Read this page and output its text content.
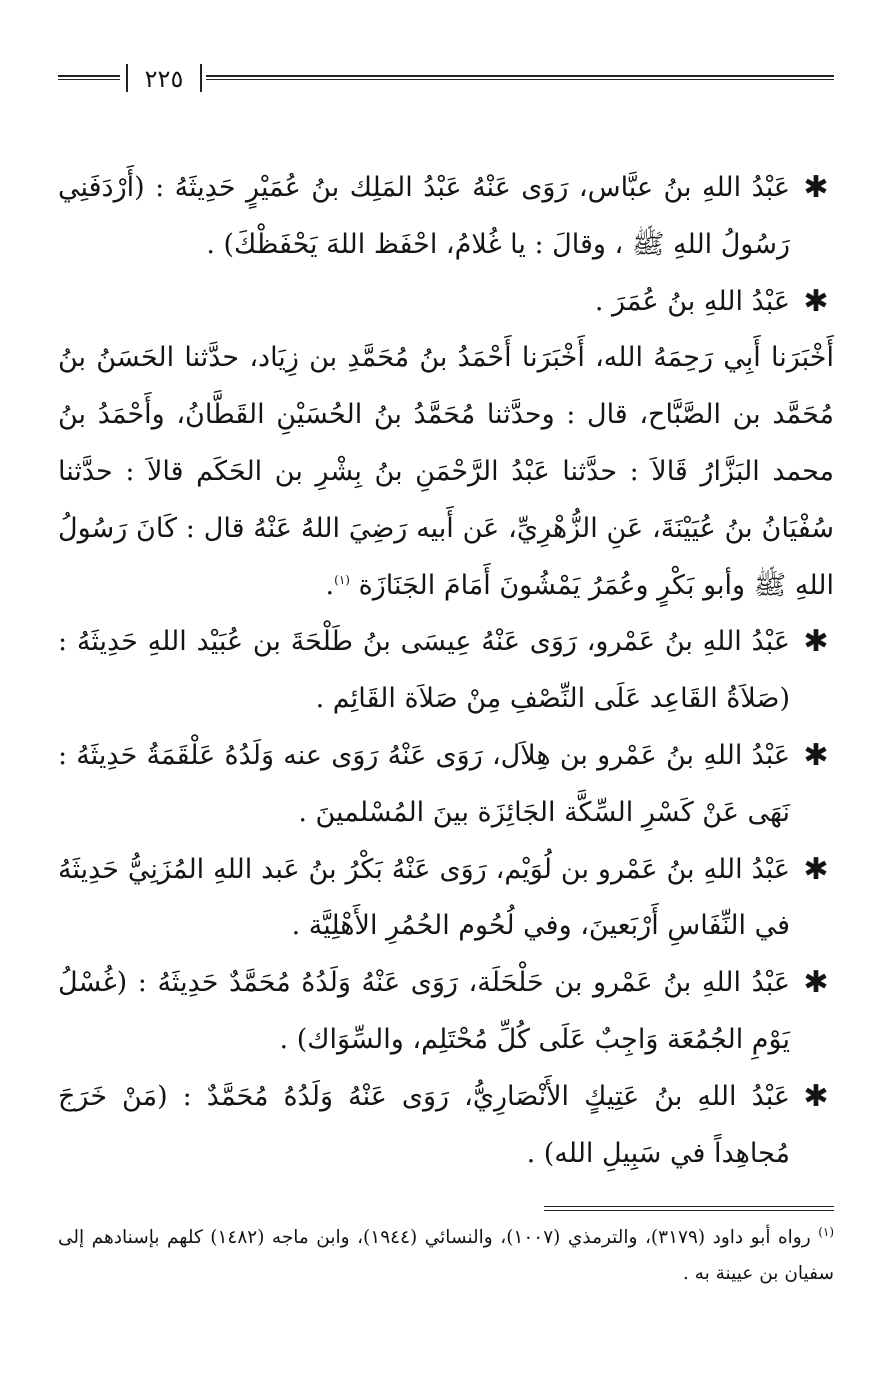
٢٢٥

✱
عَبْدُ اللهِ بنُ عبَّاس، رَوَى عَنْهُ عَبْدُ المَلِك بنُ عُمَيْرٍ حَدِيثَهُ : (أَرْدَفَنِي رَسُولُ اللهِ ﷺ ، وقالَ : يا غُلامُ، احْفَظ اللهَ يَحْفَظْكَ) .

✱
عَبْدُ اللهِ بنُ عُمَرَ .

أَخْبَرَنا أَبِي رَحِمَهُ الله، أَخْبَرَنا أَحْمَدُ بنُ مُحَمَّدِ بن زِيَاد، حدَّثنا الحَسَنُ بنُ مُحَمَّد بن الصَّبَّاح، قال : وحدَّثنا مُحَمَّدُ بنُ الحُسَيْنِ القَطَّانُ، وأَحْمَدُ بنُ محمد البَزَّارُ قَالاَ : حدَّثنا عَبْدُ الرَّحْمَنِ بنُ بِشْرِ بن الحَكَم قالاَ : حدَّثنا سُفْيَانُ بنُ عُيَيْنَةَ، عَنِ الزُّهْرِيِّ، عَن أَبيه رَضِيَ اللهُ عَنْهُ قال : كَانَ رَسُولُ اللهِ ﷺ وأبو بَكْرٍ وعُمَرُ يَمْشُونَ أَمَامَ الجَنَازَة $^{(١)}$.

✱
عَبْدُ اللهِ بنُ عَمْرو، رَوَى عَنْهُ عِيسَى بنُ طَلْحَةَ بن عُبَيْد اللهِ حَدِيثَهُ : (صَلاَةُ القَاعِد عَلَى النِّصْفِ مِنْ صَلاَة القَائِم .

✱
عَبْدُ اللهِ بنُ عَمْرو بن هِلاَل، رَوَى عَنْهُ رَوَى عنه وَلَدُهُ عَلْقَمَةُ حَدِيثَهُ : نَهَى عَنْ كَسْرِ السِّكَّة الجَائِزَة بينَ المُسْلمينَ .

✱
عَبْدُ اللهِ بنُ عَمْرو بن لُوَيْم، رَوَى عَنْهُ بَكْرُ بنُ عَبد اللهِ المُزَنِيُّ حَدِيثَهُ في النِّفَاسِ أَرْبَعينَ، وفي لُحُوم الحُمُرِ الأَهْلِيَّة .

✱
عَبْدُ اللهِ بنُ عَمْرو بن حَلْحَلَة، رَوَى عَنْهُ وَلَدُهُ مُحَمَّدٌ حَدِيثَهُ : (غُسْلُ يَوْمِ الجُمُعَة وَاجِبٌ عَلَى كُلِّ مُحْتَلِم، والسِّوَاك) .

✱
عَبْدُ اللهِ بنُ عَتِيكٍ الأَنْصَارِيُّ، رَوَى عَنْهُ وَلَدُهُ مُحَمَّدٌ : (مَنْ خَرَجَ مُجاهِداً في سَبِيلِ الله) .

$^{(١)}$ رواه أبو داود (٣١٧٩)، والترمذي (١٠٠٧)، والنسائي (١٩٤٤)، وابن ماجه (١٤٨٢) كلهم بإسنادهم إلى سفيان بن عيينة به .
